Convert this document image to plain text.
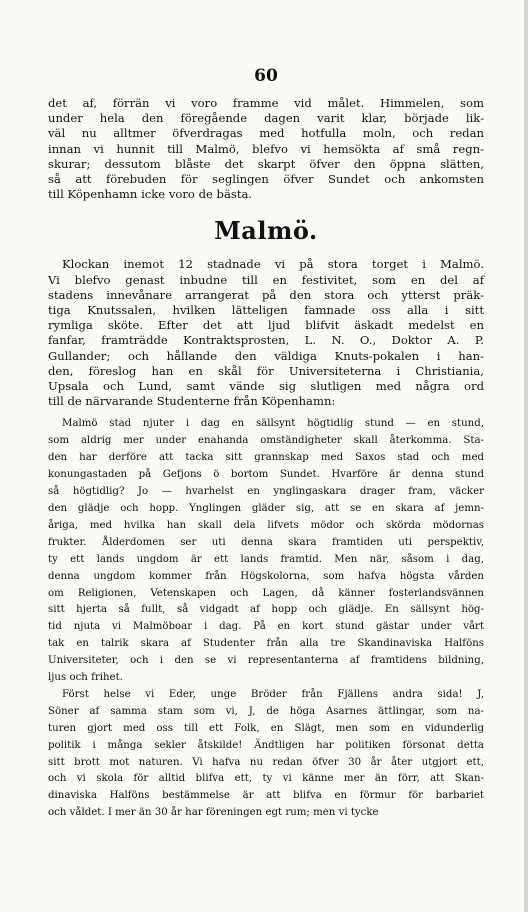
60

det af, förrän vi voro framme vid målet. Himmelen, som

under hela den föregående dagen varit klar, började lik-

väl nu alltmer öfverdragas med hotfulla moln, och redan

innan vi hunnit till Malmö, blefvo vi hemsökta af små regn-

skurar; dessutom blåste det skarpt öfver den öppna slätten,

så att förebuden för seglingen öfver Sundet och ankomsten

till Köpenhamn icke voro de bästa.

Malmö.

Klockan inemot 12 stadnade vi på stora torget i Malmö.

Vi blefvo genast inbudne till en festivitet, som en del af

stadens innevånare arrangerat på den stora och ytterst präk-

tiga Knutssalen, hvilken lätteligen famnade oss alla i sitt

rymliga sköte. Efter det att ljud blifvit äskadt medelst en

fanfar, framträdde Kontraktsprosten, L. N. O., Doktor A. P.

Gullander; och hållande den väldiga Knuts-pokalen i han-

den, föreslog han en skål för Universiteterna i Christiania,

Upsala och Lund, samt vände sig slutligen med några ord

till de närvarande Studenterne från Köpenhamn:

Malmö stad njuter i dag en sällsynt högtidlig stund — en stund,

som aldrig mer under enahanda omständigheter skall återkomma. Sta-

den har derföre att tacka sitt grannskap med Saxos stad och med

konungastaden på Gefjons ö bortom Sundet. Hvarföre är denna stund

så högtidlig? Jo — hvarhelst en ynglingaskara drager fram, väcker

den glädje och hopp. Ynglingen gläder sig, att se en skara af jemn-

åriga, med hvilka han skall dela lifvets mödor och skörda mödornas

frukter. Ålderdomen ser uti denna skara framtiden uti perspektiv,

ty ett lands ungdom är ett lands framtid. Men när, såsom i dag,

denna ungdom kommer från Högskolorna, som hafva högsta vården

om Religionen, Vetenskapen och Lagen, då känner fosterlandsvännen

sitt hjerta så fullt, så vidgadt af hopp och glädje. En sällsynt hög-

tid njuta vi Malmöboar i dag. På en kort stund gästar under vårt

tak en talrik skara af Studenter från alla tre Skandinaviska Halföns

Universiteter, och i den se vi representanterna af framtidens bildning,

ljus och frihet.

Först helse vi Eder, unge Bröder från Fjällens andra sida! J,

Söner af samma stam som vi, J, de höga Asarnes ättlingar, som na-

turen gjort med oss till ett Folk, en Slägt, men som en vidunderlig

politik i många sekler åtskilde! Ändtligen har politiken försonat detta

sitt brott mot naturen. Vi hafva nu redan öfver 30 år åter utgjort ett,

och vi skola för alltid blifva ett, ty vi känne mer än förr, att Skan-

dinaviska Halföns bestämmelse är att blifva en förmur för barbariet

och våldet. I mer än 30 år har föreningen egt rum; men vi tycke
